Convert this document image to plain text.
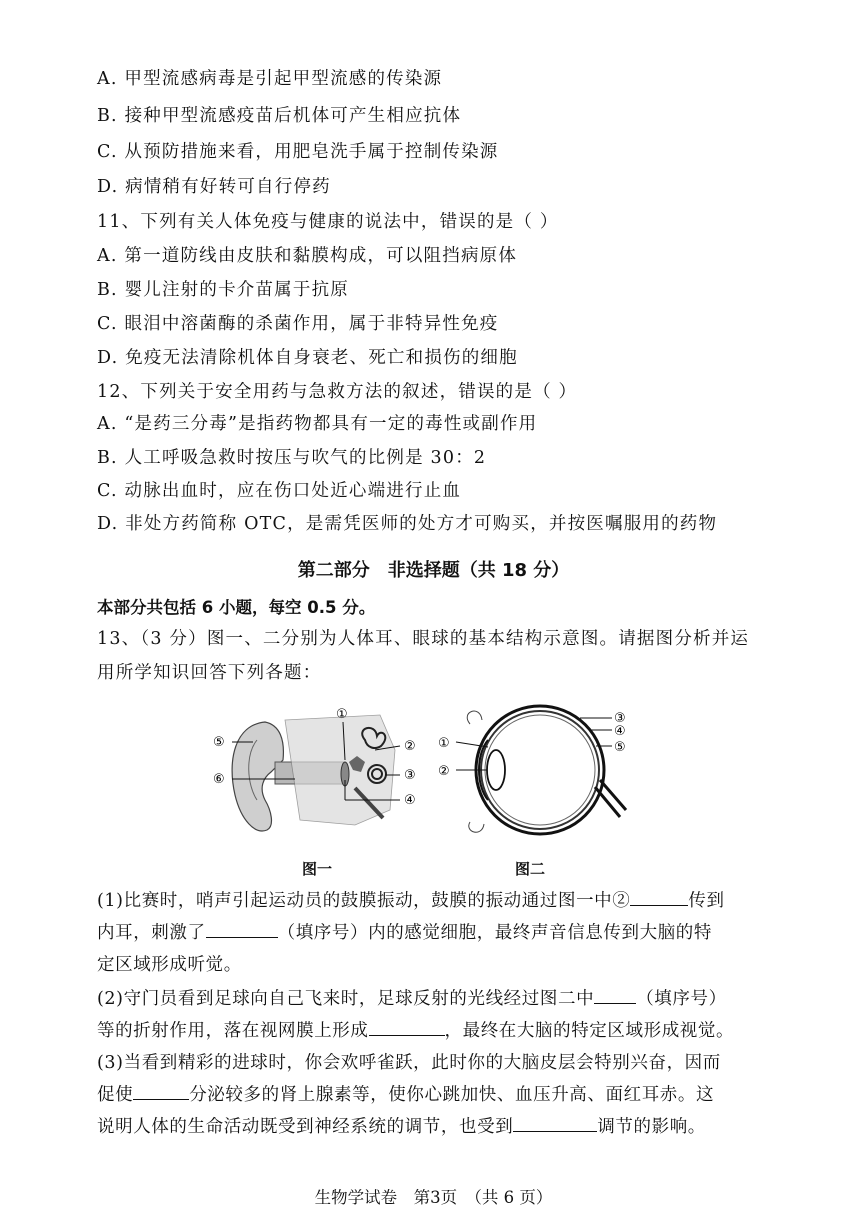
A. 甲型流感病毒是引起甲型流感的传染源
B. 接种甲型流感疫苗后机体可产生相应抗体
C. 从预防措施来看，用肥皂洗手属于控制传染源
D. 病情稍有好转可自行停药
11、下列有关人体免疫与健康的说法中，错误的是（ ）
A. 第一道防线由皮肤和黏膜构成，可以阻挡病原体
B. 婴儿注射的卡介苗属于抗原
C. 眼泪中溶菌酶的杀菌作用，属于非特异性免疫
D. 免疫无法清除机体自身衰老、死亡和损伤的细胞
12、下列关于安全用药与急救方法的叙述，错误的是（ ）
A. “是药三分毒”是指药物都具有一定的毒性或副作用
B. 人工呼吸急救时按压与吹气的比例是 30：2
C. 动脉出血时，应在伤口处近心端进行止血
D. 非处方药简称 OTC，是需凭医师的处方才可购买，并按医嘱服用的药物
第二部分　非选择题（共 18 分）
本部分共包括 6 小题，每空 0.5 分。
13、（3 分）图一、二分别为人体耳、眼球的基本结构示意图。请据图分析并运
用所学知识回答下列各题：
①
②
③
④
⑤
⑥
③
④
⑤
①
②
图一	图二
(1)比赛时，哨声引起运动员的鼓膜振动，鼓膜的振动通过图一中②	传到
内耳，刺激了	（填序号）内的感觉细胞，最终声音信息传到大脑的特
定区域形成听觉。
(2)守门员看到足球向自己飞来时，足球反射的光线经过图二中 （填序号）
等的折射作用，落在视网膜上形成	，最终在大脑的特定区域形成视觉。
(3)当看到精彩的进球时，你会欢呼雀跃，此时你的大脑皮层会特别兴奋，因而
促使	分泌较多的肾上腺素等，使你心跳加快、血压升高、面红耳赤。这
说明人体的生命活动既受到神经系统的调节，也受到	调节的影响。
生物学试卷　第3页　（共 6 页）
